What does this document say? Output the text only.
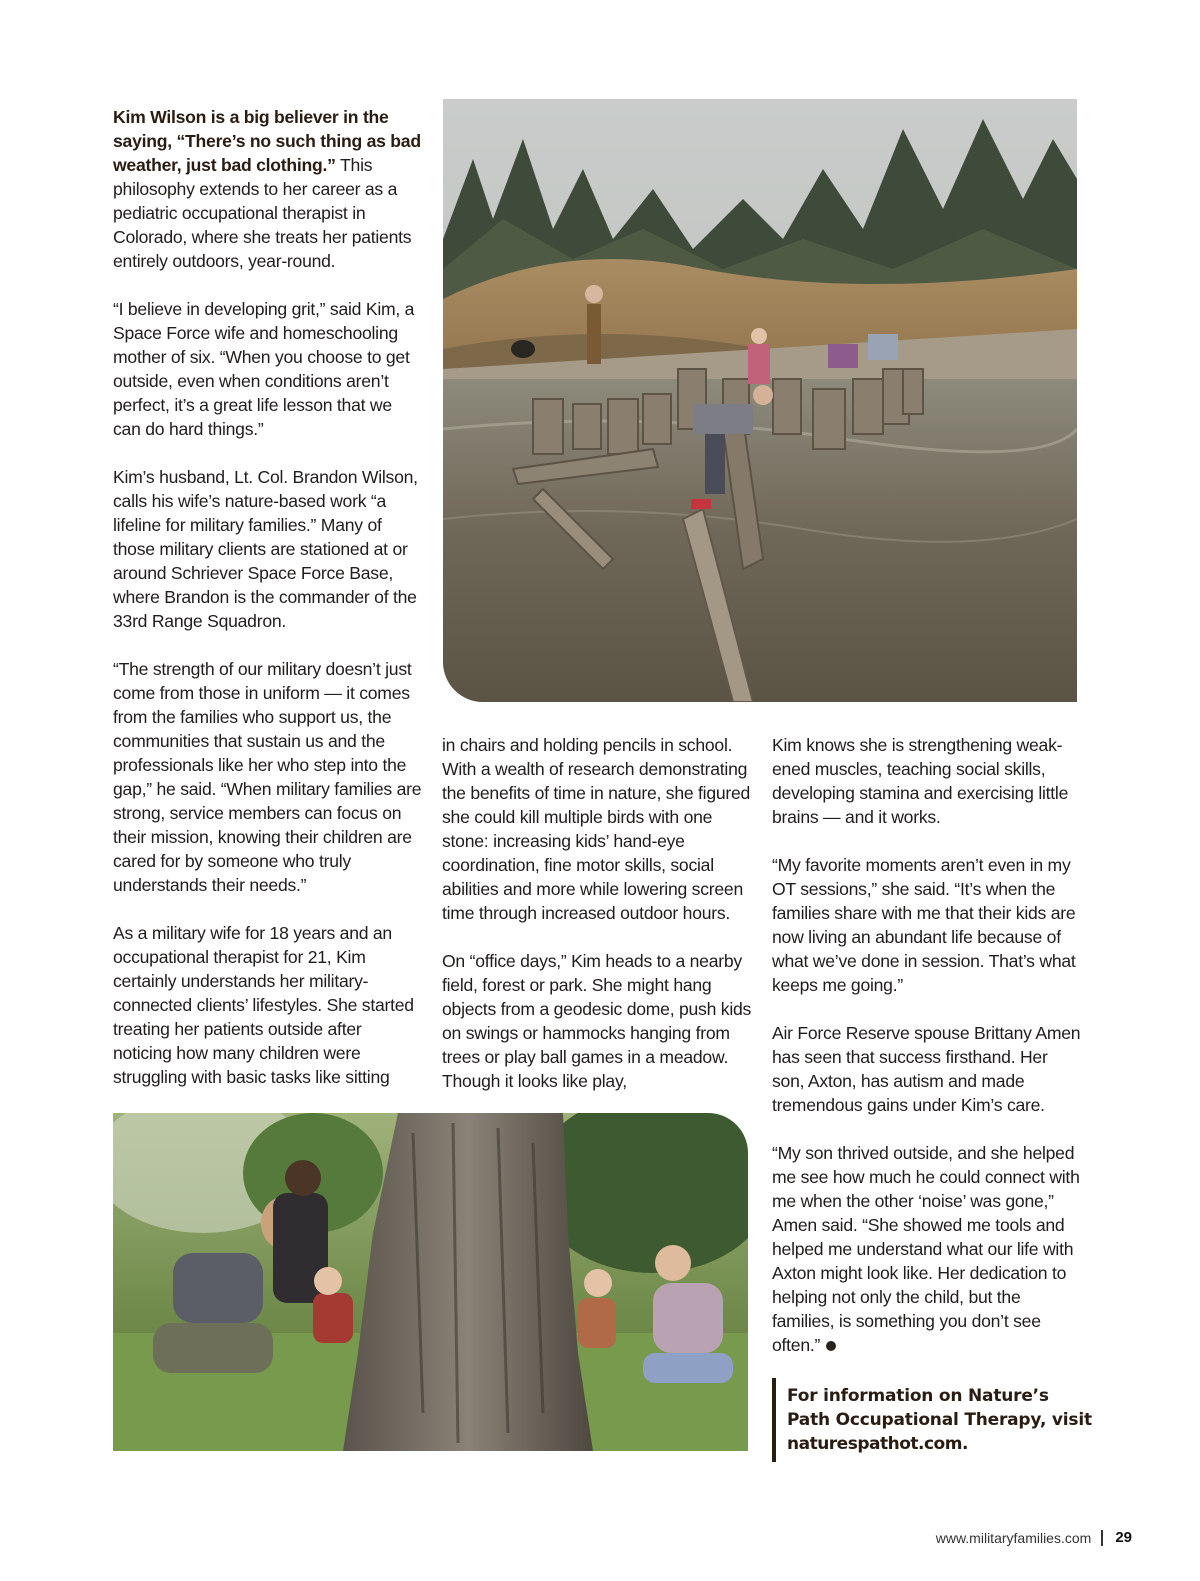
Kim Wilson is a big believer in the saying, “There’s no such thing as bad weather, just bad clothing.” This philosophy extends to her career as a pediatric occupational therapist in Colorado, where she treats her patients entirely outdoors, year-round.

“I believe in developing grit,” said Kim, a Space Force wife and homeschooling mother of six. “When you choose to get outside, even when conditions aren’t perfect, it’s a great life lesson that we can do hard things.”

Kim’s husband, Lt. Col. Brandon Wilson, calls his wife’s nature-based work “a lifeline for military families.” Many of those military clients are stationed at or around Schriever Space Force Base, where Brandon is the commander of the 33rd Range Squadron.

“The strength of our military doesn’t just come from those in uniform — it comes from the families who support us, the communities that sustain us and the professionals like her who step into the gap,” he said. “When military families are strong, service members can focus on their mission, knowing their children are cared for by someone who truly understands their needs.”

As a military wife for 18 years and an occupational therapist for 21, Kim certainly understands her military-connected clients’ lifestyles. She started treating her patients outside after noticing how many children were struggling with basic tasks like sitting

in chairs and holding pencils in school. With a wealth of research demonstrating the benefits of time in nature, she figured she could kill multiple birds with one stone: increasing kids’ hand-eye coordination, fine motor skills, social abilities and more while lowering screen time through increased outdoor hours.

On “office days,” Kim heads to a nearby field, forest or park. She might hang objects from a geodesic dome, push kids on swings or hammocks hanging from trees or play ball games in a meadow. Though it looks like play,

Kim knows she is strengthening weak-ened muscles, teaching social skills, developing stamina and exercising little brains — and it works.

“My favorite moments aren’t even in my OT sessions,” she said. “It’s when the families share with me that their kids are now living an abundant life because of what we’ve done in session. That’s what keeps me going.”

Air Force Reserve spouse Brittany Amen has seen that success firsthand. Her son, Axton, has autism and made tremendous gains under Kim’s care.

“My son thrived outside, and she helped me see how much he could connect with me when the other ‘noise’ was gone,” Amen said. “She showed me tools and helped me understand what our life with Axton might look like. Her dedication to helping not only the child, but the families, is something you don’t see often.”

For information on Nature’s Path Occupational Therapy, visit
naturespathot.com.
www.militaryfamilies.com 29
